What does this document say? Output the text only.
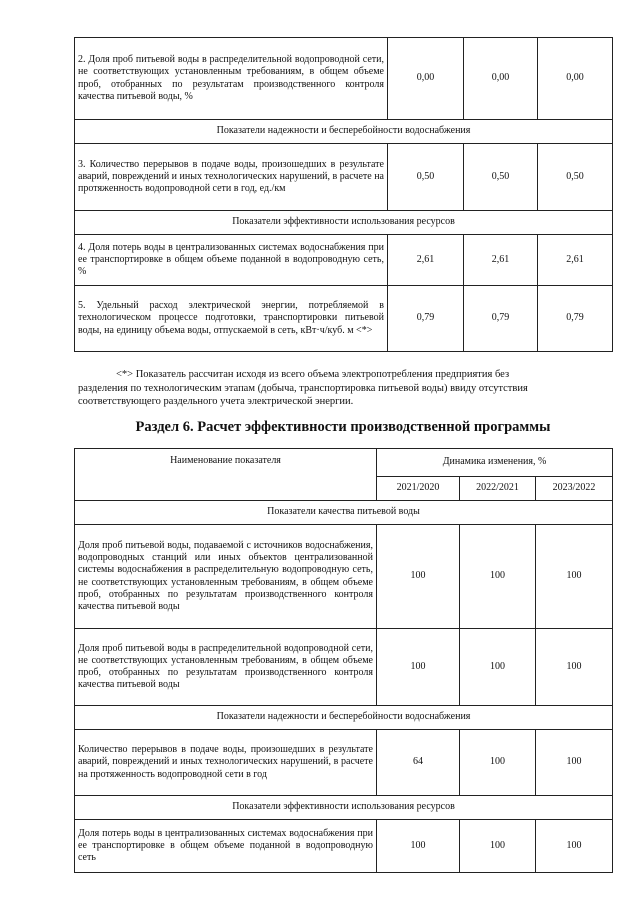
2. Доля проб питьевой воды в распределительной водопроводной сети, не соответствующих установленным требованиям, в общем объеме проб, отобранных по результатам производственного контроля качества питьевой воды, %	0,00	0,00	0,00
Показатели надежности и бесперебойности водоснабжения			
3. Количество перерывов в подаче воды, произошедших в результате аварий, повреждений и иных технологических нарушений, в расчете на протяженность водопроводной сети в год, ед./км	0,50	0,50	0,50
Показатели эффективности использования ресурсов			
4. Доля потерь воды в централизованных системах водоснабжения при ее транспортировке в общем объеме поданной в водопроводную сеть, %	2,61	2,61	2,61
5. Удельный расход электрической энергии, потребляемой в технологическом процессе подготовки, транспортировки питьевой воды, на единицу объема воды, отпускаемой в сеть, кВт·ч/куб. м <*>	0,79	0,79	0,79

<*> Показатель рассчитан исходя из всего объема электропотребления предприятия без

разделения по технологическим этапам (добыча, транспортировка питьевой воды) ввиду отсутствия

соответствующего раздельного учета электрической энергии.

Раздел 6. Расчет эффективности производственной программы
Наименование показателя	Динамика изменения, %		
	2021/2020	2022/2021	2023/2022
Показатели качества питьевой воды			
Доля проб питьевой воды, подаваемой с источников водоснабжения, водопроводных станций или иных объектов централизованной системы водоснабжения в распределительную водопроводную сеть, не соответствующих установленным требованиям, в общем объеме проб, отобранных по результатам производственного контроля качества питьевой воды	100	100	100
Доля проб питьевой воды в распределительной водопроводной сети, не соответствующих установленным требованиям, в общем объеме проб, отобранных по результатам производственного контроля качества питьевой воды	100	100	100
Показатели надежности и бесперебойности водоснабжения			
Количество перерывов в подаче воды, произошедших в результате аварий, повреждений и иных технологических нарушений, в расчете на протяженность водопроводной сети в год	64	100	100
Показатели эффективности использования ресурсов			
Доля потерь воды в централизованных системах водоснабжения при ее транспортировке в общем объеме поданной в водопроводную сеть	100	100	100
